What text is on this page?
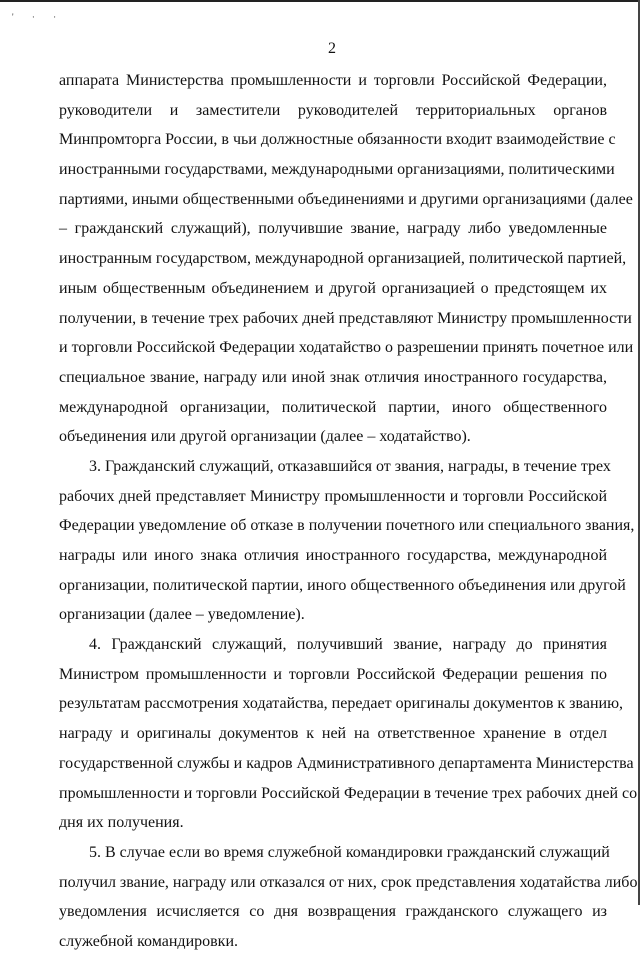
' · ·
2
аппарата Министерства промышленности и торговли Российской Федерации,
руководители и заместители руководителей территориальных органов
Минпромторга России, в чьи должностные обязанности входит взаимодействие с
иностранными государствами, международными организациями, политическими
партиями, иными общественными объединениями и другими организациями (далее
– гражданский служащий), получившие звание, награду либо уведомленные
иностранным государством, международной организацией, политической партией,
иным общественным объединением и другой организацией о предстоящем их
получении, в течение трех рабочих дней представляют Министру промышленности
и торговли Российской Федерации ходатайство о разрешении принять почетное или
специальное звание, награду или иной знак отличия иностранного государства,
международной организации, политической партии, иного общественного
объединения или другой организации (далее – ходатайство).
3. Гражданский служащий, отказавшийся от звания, награды, в течение трех
рабочих дней представляет Министру промышленности и торговли Российской
Федерации уведомление об отказе в получении почетного или специального звания,
награды или иного знака отличия иностранного государства, международной
организации, политической партии, иного общественного объединения или другой
организации (далее – уведомление).
4. Гражданский служащий, получивший звание, награду до принятия
Министром промышленности и торговли Российской Федерации решения по
результатам рассмотрения ходатайства, передает оригиналы документов к званию,
награду и оригиналы документов к ней на ответственное хранение в отдел
государственной службы и кадров Административного департамента Министерства
промышленности и торговли Российской Федерации в течение трех рабочих дней со
дня их получения.
5. В случае если во время служебной командировки гражданский служащий
получил звание, награду или отказался от них, срок представления ходатайства либо
уведомления исчисляется со дня возвращения гражданского служащего из
служебной командировки.
